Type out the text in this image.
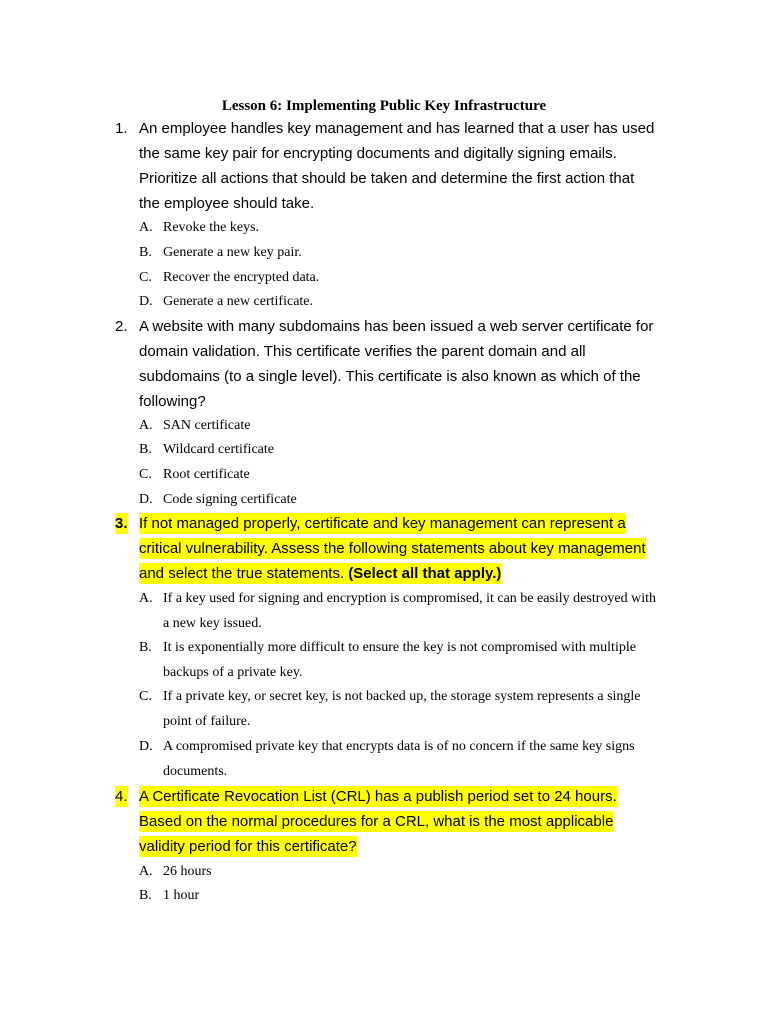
Lesson 6: Implementing Public Key Infrastructure
1. An employee handles key management and has learned that a user has used the same key pair for encrypting documents and digitally signing emails. Prioritize all actions that should be taken and determine the first action that the employee should take.
A. Revoke the keys.
B. Generate a new key pair.
C. Recover the encrypted data.
D. Generate a new certificate.
2. A website with many subdomains has been issued a web server certificate for domain validation. This certificate verifies the parent domain and all subdomains (to a single level). This certificate is also known as which of the following?
A. SAN certificate
B. Wildcard certificate
C. Root certificate
D. Code signing certificate
3. If not managed properly, certificate and key management can represent a critical vulnerability. Assess the following statements about key management and select the true statements. (Select all that apply.)
A. If a key used for signing and encryption is compromised, it can be easily destroyed with a new key issued.
B. It is exponentially more difficult to ensure the key is not compromised with multiple backups of a private key.
C. If a private key, or secret key, is not backed up, the storage system represents a single point of failure.
D. A compromised private key that encrypts data is of no concern if the same key signs documents.
4. A Certificate Revocation List (CRL) has a publish period set to 24 hours. Based on the normal procedures for a CRL, what is the most applicable validity period for this certificate?
A. 26 hours
B. 1 hour
